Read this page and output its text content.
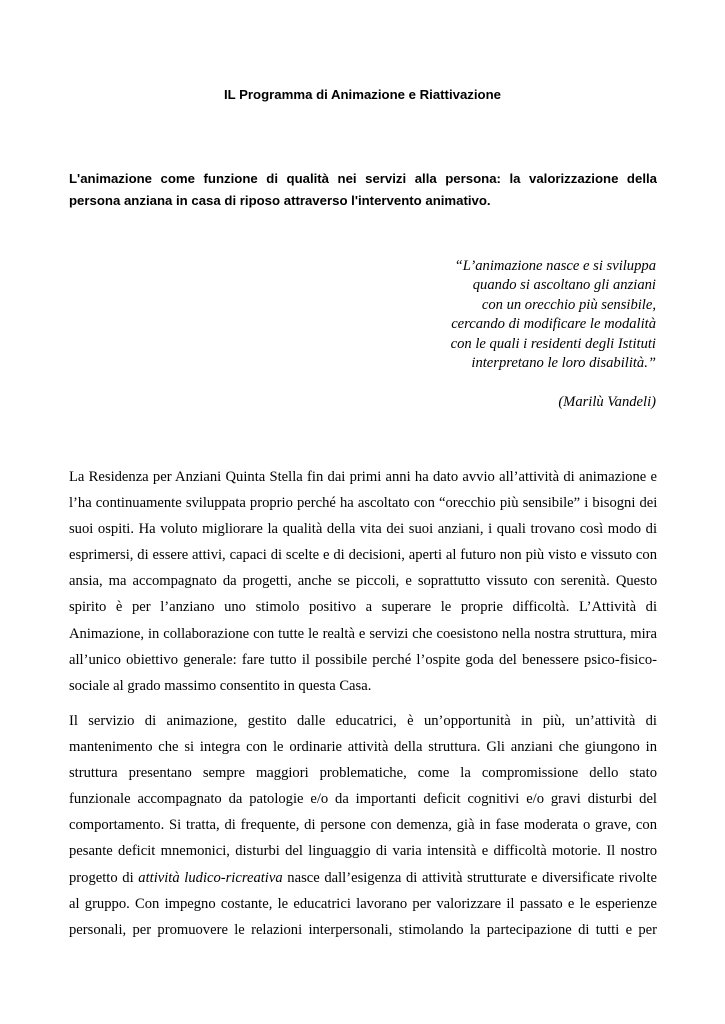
IL Programma di Animazione e Riattivazione

L'animazione come funzione di qualità nei servizi alla persona: la valorizzazione della persona anziana in casa di riposo attraverso l'intervento animativo.

“L’animazione nasce e si sviluppa
quando si ascoltano gli anziani
con un orecchio più sensibile,
cercando di modificare le modalità
con le quali i residenti degli Istituti
interpretano le loro disabilità.”

(Marilù Vandeli)

La Residenza per Anziani Quinta Stella fin dai primi anni ha dato avvio all’attività di animazione e
l’ha continuamente sviluppata proprio perché ha ascoltato con “orecchio più sensibile” i bisogni dei
suoi ospiti. Ha voluto migliorare la qualità della vita dei suoi anziani, i quali trovano così modo di
esprimersi, di essere attivi, capaci di scelte e di decisioni, aperti al futuro non più visto e vissuto con
ansia, ma accompagnato da progetti, anche se piccoli, e soprattutto vissuto con serenità. Questo
spirito è per l’anziano uno stimolo positivo a superare le proprie difficoltà. L’Attività di
Animazione, in collaborazione con tutte le realtà e servizi che coesistono nella nostra struttura, mira
all’unico obiettivo generale: fare tutto il possibile perché l’ospite goda del benessere psico-fisico-
sociale al grado massimo consentito in questa Casa.
Il servizio di animazione, gestito dalle educatrici, è un’opportunità in più, un’attività di
mantenimento che si integra con le ordinarie attività della struttura. Gli anziani che giungono in
struttura presentano sempre maggiori problematiche, come la compromissione dello stato
funzionale accompagnato da patologie e/o da importanti deficit cognitivi e/o gravi disturbi del
comportamento. Si tratta, di frequente, di persone con demenza, già in fase moderata o grave, con
pesante deficit mnemonici, disturbi del linguaggio di varia intensità e difficoltà motorie. Il nostro
progetto di attività ludico-ricreativa nasce dall’esigenza di attività strutturate e diversificate rivolte
al gruppo. Con impegno costante, le educatrici lavorano per valorizzare il passato e le esperienze
personali, per promuovere le relazioni interpersonali, stimolando la partecipazione di tutti e per
